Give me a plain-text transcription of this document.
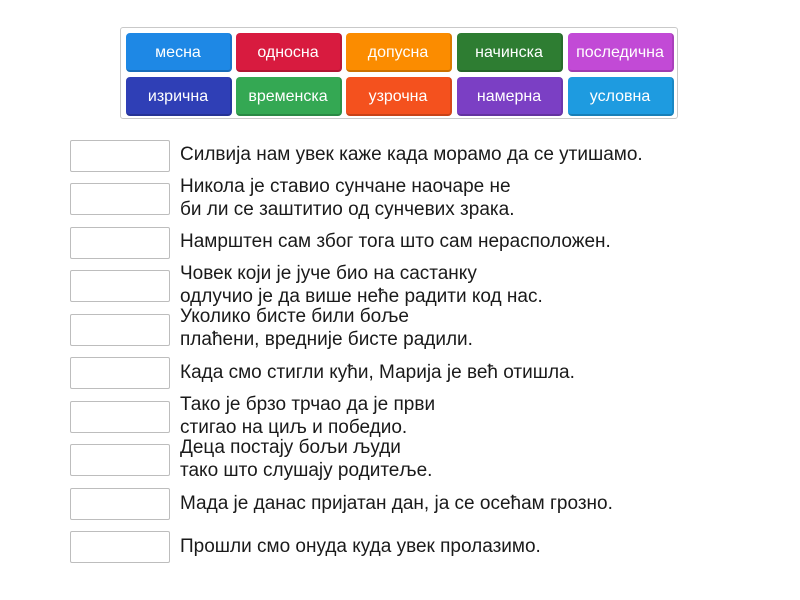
месна	односна	допусна	начинска	последична
изрична	временска	узрочна	намерна	условна
Силвија нам увек каже када морамо да се утишамо.
Никола је ставио сунчане наочаре не
би ли се заштитио од сунчевих зрака.
Намрштен сам због тога што сам нерасположен.
Човек који је јуче био на састанку
одлучио је да више неће радити код нас.
Уколико бисте били боље
плаћени, вредније бисте радили.
Када смо стигли кући, Марија је већ отишла.
Тако је брзо трчао да је први
стигао на циљ и победио.
Деца постају бољи људи
тако што слушају родитеље.
Мада је данас пријатан дан, ја се осећам грозно.
Прошли смо онуда куда увек пролазимо.
